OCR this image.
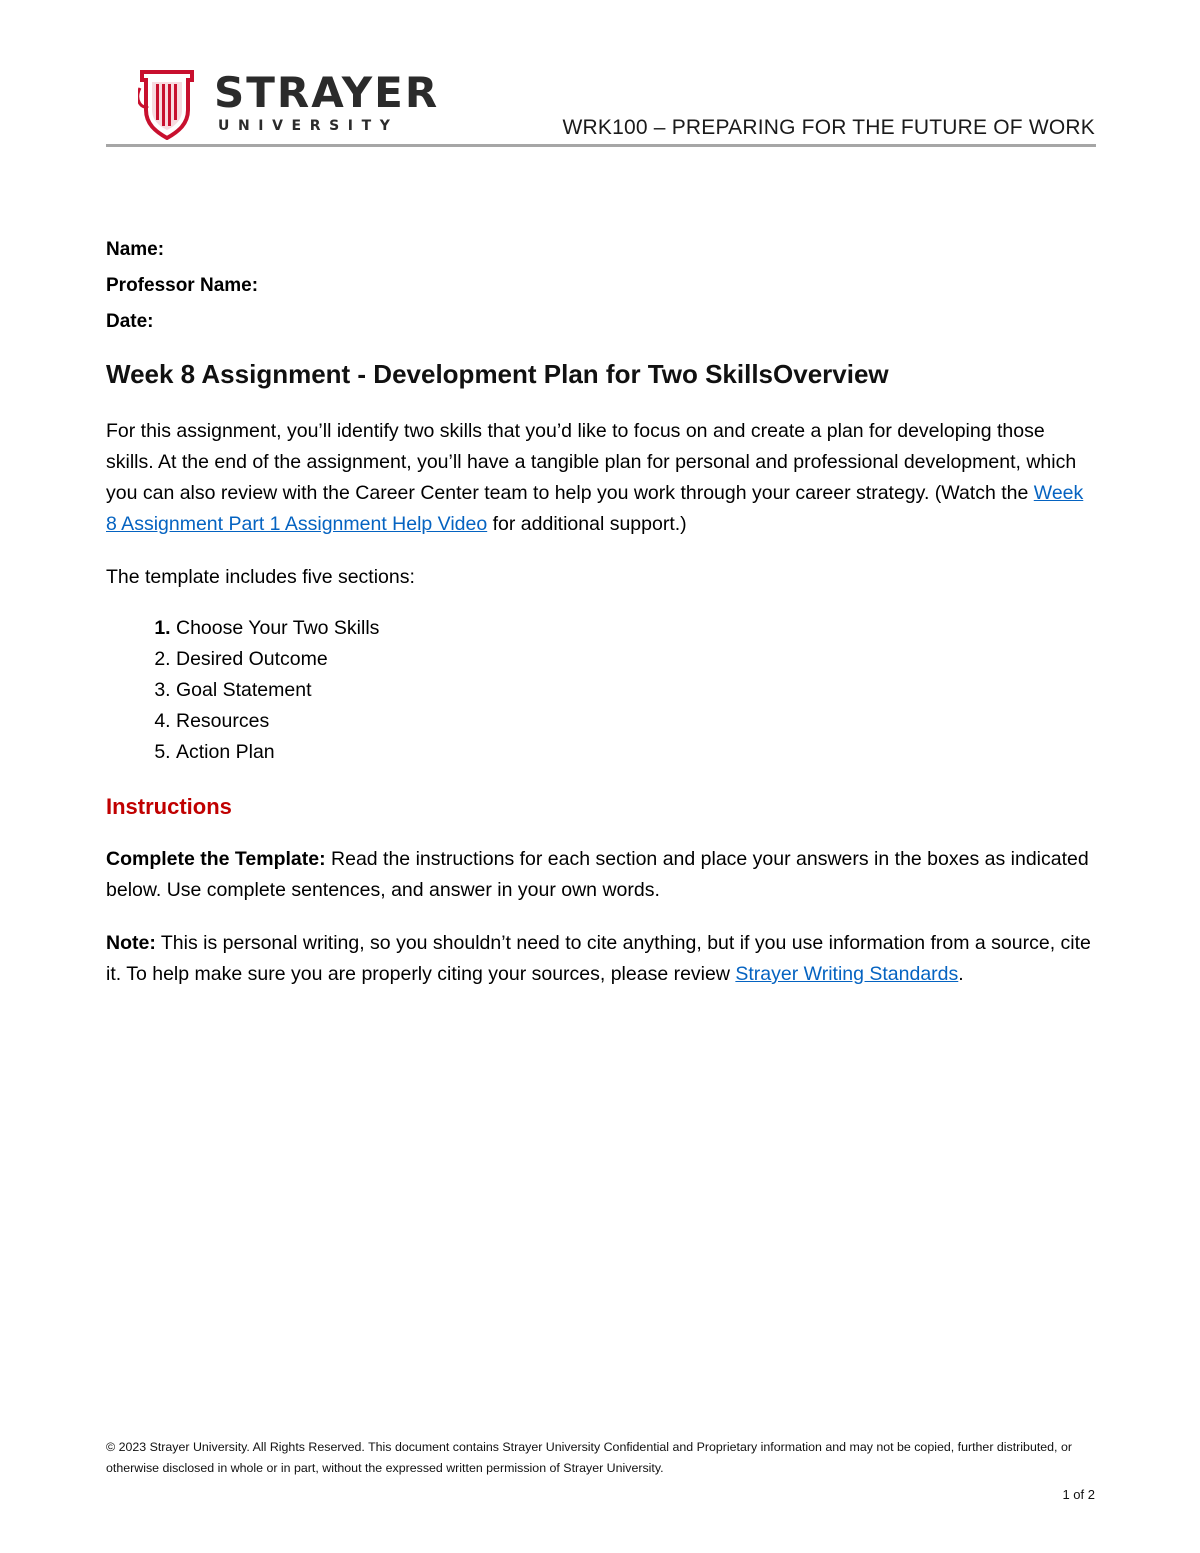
STRAYER
UNIVERSITY	WRK100 – PREPARING FOR THE FUTURE OF WORK

Name:

Professor Name:

Date:

Week 8 Assignment - Development Plan for Two SkillsOverview

For this assignment, you’ll identify two skills that you’d like to focus on and create a plan for developing those skills. At the end of the assignment, you’ll have a tangible plan for personal and professional development, which you can also review with the Career Center team to help you work through your career strategy. (Watch the Week 8 Assignment Part 1 Assignment Help Video for additional support.)

The template includes five sections:

1. Choose Your Two Skills
2. Desired Outcome
3. Goal Statement
4. Resources
5. Action Plan
Instructions

Complete the Template: Read the instructions for each section and place your answers in the boxes as indicated below. Use complete sentences, and answer in your own words.

Note: This is personal writing, so you shouldn’t need to cite anything, but if you use information from a source, cite it. To help make sure you are properly citing your sources, please review Strayer Writing Standards.

© 2023 Strayer University. All Rights Reserved. This document contains Strayer University Confidential and Proprietary information and may not be copied, further distributed, or otherwise disclosed in whole or in part, without the expressed written permission of Strayer University.
1 of 2
